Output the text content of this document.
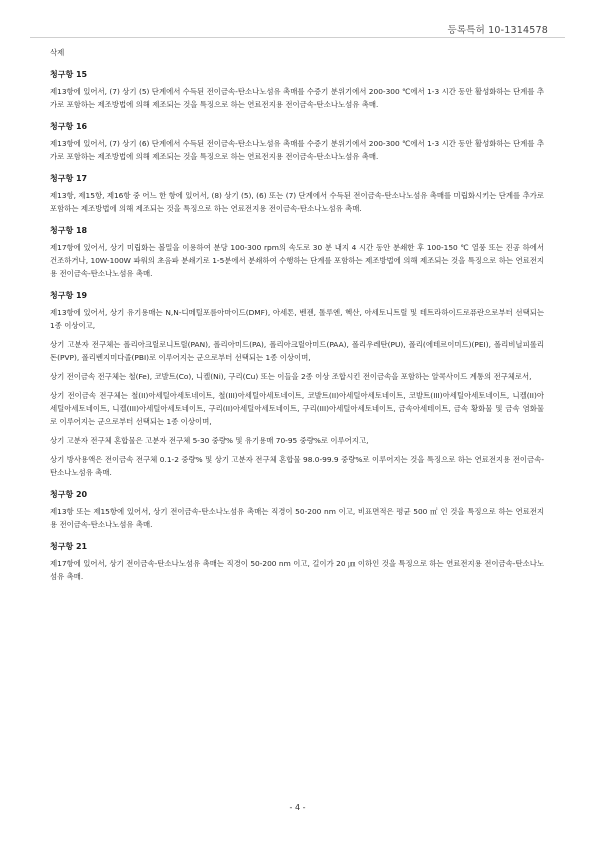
등록특허 10-1314578

삭제

청구항 15

제13항에 있어서, (7) 상기 (5) 단계에서 수득된 전이금속-탄소나노섬유 촉매를 수증기 분위기에서 200-300 ℃에서 1-3 시간 동안 활성화하는 단계를 추가로 포함하는 제조방법에 의해 제조되는 것을 특징으로 하는 연료전지용 전이금속-탄소나노섬유 촉매.

청구항 16

제13항에 있어서, (7) 상기 (6) 단계에서 수득된 전이금속-탄소나노섬유 촉매를 수증기 분위기에서 200-300 ℃에서 1-3 시간 동안 활성화하는 단계를 추가로 포함하는 제조방법에 의해 제조되는 것을 특징으로 하는 연료전지용 전이금속-탄소나노섬유 촉매.

청구항 17

제13항, 제15항, 제16항 중 어느 한 항에 있어서, (8) 상기 (5), (6) 또는 (7) 단계에서 수득된 전이금속-탄소나노섬유 촉매를 미립화시키는 단계를 추가로 포함하는 제조방법에 의해 제조되는 것을 특징으로 하는 연료전지용 전이금속-탄소나노섬유 촉매.

청구항 18

제17항에 있어서, 상기 미립화는 볼밀을 이용하여 분당 100-300 rpm의 속도로 30 분 내지 4 시간 동안 분쇄한 후 100-150 ℃ 열풍 또는 진공 하에서 건조하거나, 10W-100W 파워의 초음파 분쇄기로 1-5분에서 분쇄하여 수행하는 단계를 포함하는 제조방법에 의해 제조되는 것을 특징으로 하는 연료전지용 전이금속-탄소나노섬유 촉매.

청구항 19

제13항에 있어서, 상기 유기용매는 N,N-디메틸포름아마이드(DMF), 아세톤, 벤젠, 톨루엔, 헥산, 아세토니트릴 및 테트라하이드로퓨란으로부터 선택되는 1종 이상이고,

상기 고분자 전구체는 폴리아크릴로니트릴(PAN), 폴리아미드(PA), 폴리아크릴아미드(PAA), 폴리우레탄(PU), 폴리(에테르이미드)(PEI), 폴리비닐피롤리돈(PVP), 폴리벤지미다졸(PBI)로 이루어지는 군으로부터 선택되는 1종 이상이며,

상기 전이금속 전구체는 철(Fe), 코발트(Co), 니켈(Ni), 구리(Cu) 또는 이들을 2종 이상 조합시킨 전이금속을 포함하는 알콕사이드 계통의 전구체로서,

상기 전이금속 전구체는 철(II)아세틸아세토네이트, 철(III)아세틸아세토네이트, 코발트(II)아세틸아세토네이트, 코발트(III)아세틸아세토네이트, 니켈(II)아세틸아세토네이트, 니켈(III)아세틸아세토네이트, 구리(II)아세틸아세토네이트, 구리(III)아세틸아세토네이트, 금속아세테이트, 금속 황화물 및 금속 염화물로 이루어지는 군으로부터 선택되는 1종 이상이며,

상기 고분자 전구체 혼합물은 고분자 전구체 5-30 중량% 및 유기용매 70-95 중량%로 이루어지고,

상기 방사용액은 전이금속 전구체 0.1-2 중량% 및 상기 고분자 전구체 혼합물 98.0-99.9 중량%로 이루어지는 것을 특징으로 하는 연료전지용 전이금속-탄소나노섬유 촉매.

청구항 20

제13항 또는 제15항에 있어서, 상기 전이금속-탄소나노섬유 촉매는 직경이 50-200 nm 이고, 비표면적은 평균 500 ㎡ 인 것을 특징으로 하는 연료전지용 전이금속-탄소나노섬유 촉매.

청구항 21

제17항에 있어서, 상기 전이금속-탄소나노섬유 촉매는 직경이 50-200 nm 이고, 길이가 20 ㎛ 이하인 것을 특징으로 하는 연료전지용 전이금속-탄소나노섬유 촉매.

- 4 -
